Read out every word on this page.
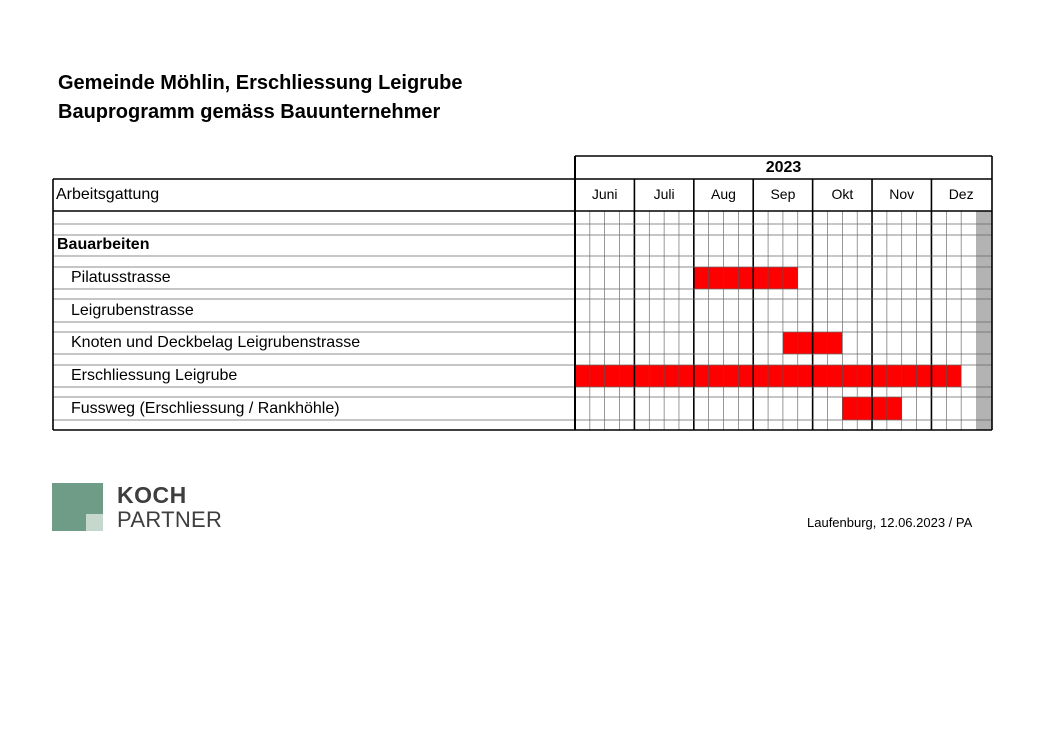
Gemeinde Möhlin, Erschliessung Leigrube
Bauprogramm gemäss Bauunternehmer
2023
Arbeitsgattung	Juni	Juli	Aug	Sep	Okt	Nov	Dez
Bauarbeiten
Pilatusstrasse
Leigrubenstrasse
Knoten und Deckbelag Leigrubenstrasse
Erschliessung Leigrube
Fussweg (Erschliessung / Rankhöhle)
KOCH
PARTNER	Laufenburg, 12.06.2023 / PA
